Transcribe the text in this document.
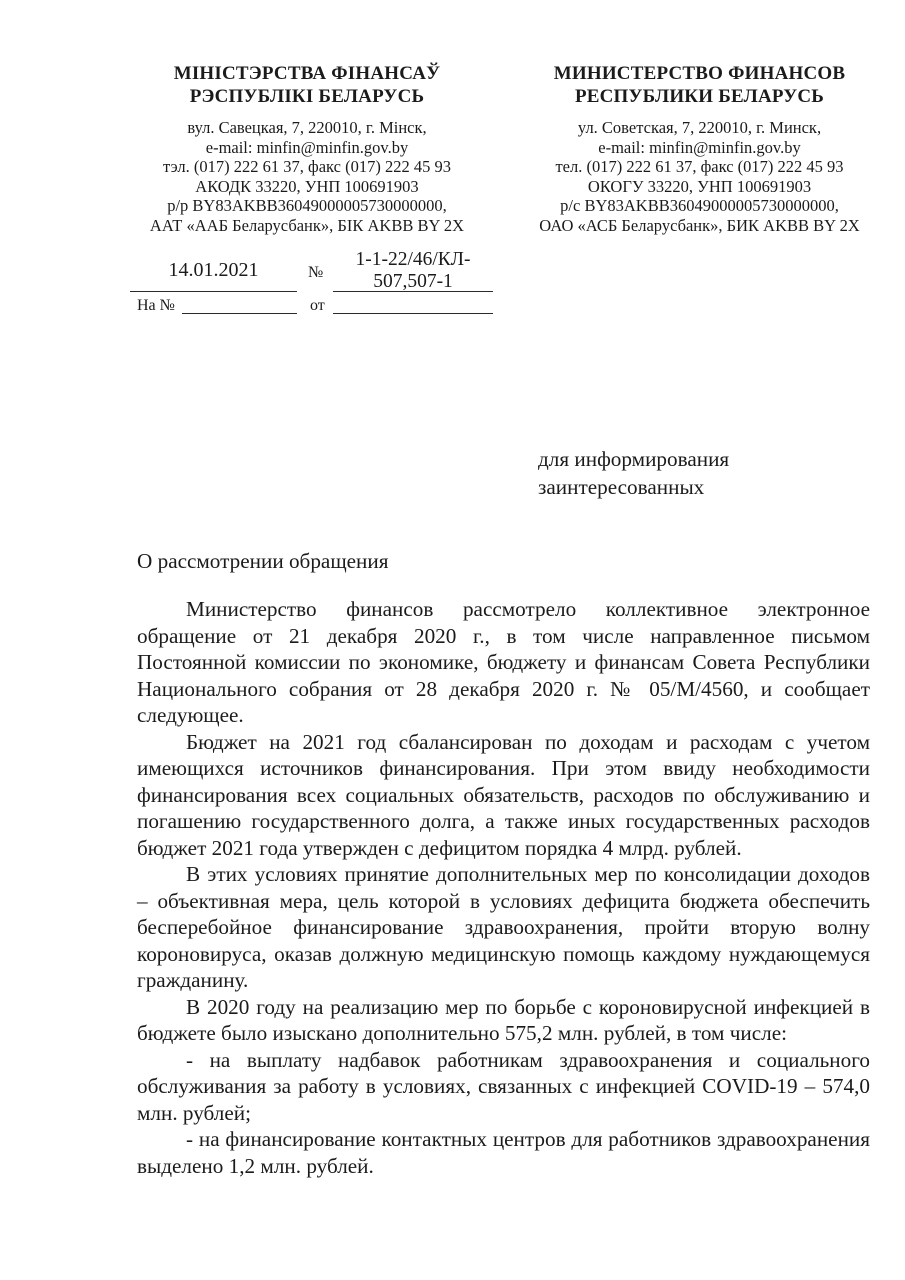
МІНІСТЭРСТВА ФІНАНСАЎ
РЭСПУБЛІКІ БЕЛАРУСЬ
вул. Савецкая, 7, 220010, г. Мінск,
e-mail: minfin@minfin.gov.by
тэл. (017) 222 61 37, факс (017) 222 45 93
АКОДК 33220, УНП 100691903
р/р BY83AKBB36049000005730000000,
ААТ «ААБ Беларусбанк», БІК AKBB BY 2X
МИНИСТЕРСТВО ФИНАНСОВ
РЕСПУБЛИКИ БЕЛАРУСЬ
ул. Советская, 7, 220010, г. Минск,
e-mail: minfin@minfin.gov.by
тел. (017) 222 61 37, факс (017) 222 45 93
ОКОГУ 33220, УНП 100691903
р/с BY83AKBB36049000005730000000,
ОАО «АСБ Беларусбанк», БИК AKBB BY 2X
14.01.2021	№
1-1-22/46/КЛ-
507,507-1
На №	от
для информирования
заинтересованных
О рассмотрении обращения

Министерство финансов рассмотрело коллективное электронное обращение от 21 декабря 2020 г., в том числе направленное письмом Постоянной комиссии по экономике, бюджету и финансам Совета Республики Национального собрания от 28 декабря 2020 г. № 05/М/4560, и сообщает следующее.

Бюджет на 2021 год сбалансирован по доходам и расходам с учетом имеющихся источников финансирования. При этом ввиду необходимости финансирования всех социальных обязательств, расходов по обслуживанию и погашению государственного долга, а также иных государственных расходов бюджет 2021 года утвержден с дефицитом порядка 4 млрд. рублей.

В этих условиях принятие дополнительных мер по консолидации доходов – объективная мера, цель которой в условиях дефицита бюджета обеспечить бесперебойное финансирование здравоохранения, пройти вторую волну короновируса, оказав должную медицинскую помощь каждому нуждающемуся гражданину.

В 2020 году на реализацию мер по борьбе с короновирусной инфекцией в бюджете было изыскано дополнительно 575,2 млн. рублей, в том числе:

- на выплату надбавок работникам здравоохранения и социального обслуживания за работу в условиях, связанных с инфекцией COVID-19 – 574,0 млн. рублей;

- на финансирование контактных центров для работников здравоохранения выделено 1,2 млн. рублей.
